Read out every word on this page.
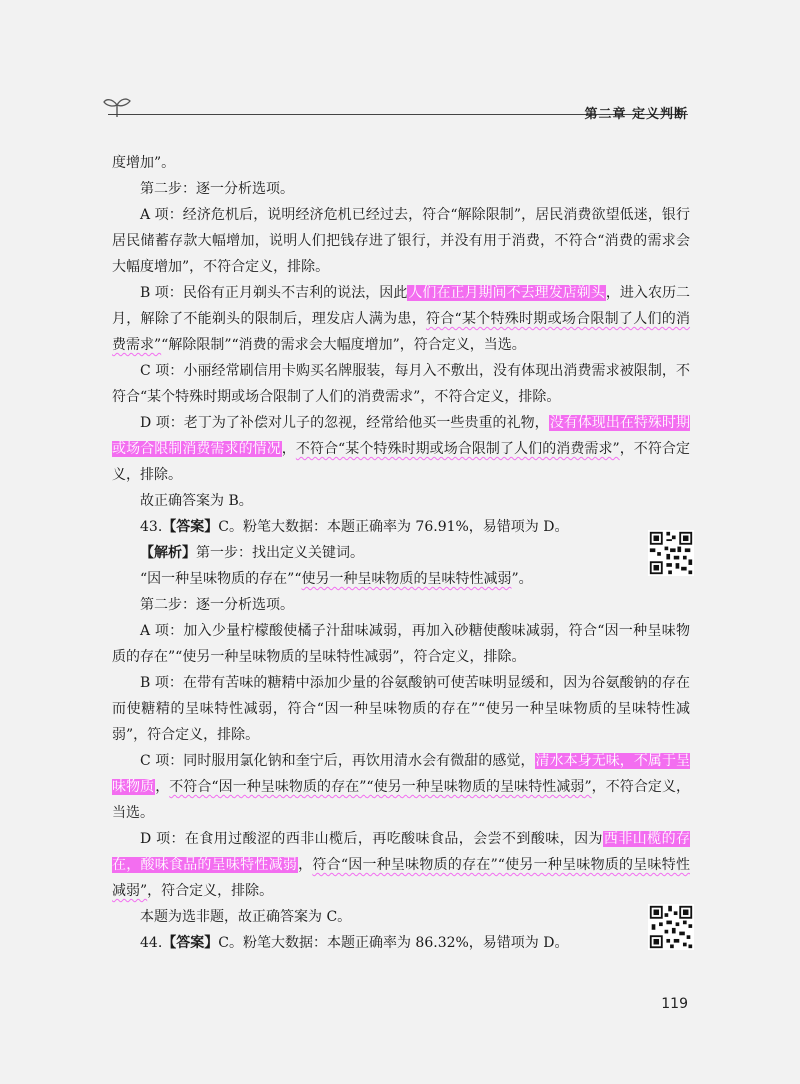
第二章 定义判断

度增加”。

第二步：逐一分析选项。

A 项：经济危机后，说明经济危机已经过去，符合“解除限制”，居民消费欲望低迷，银行居民储蓄存款大幅增加，说明人们把钱存进了银行，并没有用于消费，不符合“消费的需求会大幅度增加”，不符合定义，排除。

B 项：民俗有正月剃头不吉利的说法，因此人们在正月期间不去理发店剃头，进入农历二月，解除了不能剃头的限制后，理发店人满为患，符合“某个特殊时期或场合限制了人们的消费需求”“解除限制”“消费的需求会大幅度增加”，符合定义，当选。

C 项：小丽经常刷信用卡购买名牌服装，每月入不敷出，没有体现出消费需求被限制，不符合“某个特殊时期或场合限制了人们的消费需求”，不符合定义，排除。

D 项：老丁为了补偿对儿子的忽视，经常给他买一些贵重的礼物，没有体现出在特殊时期或场合限制消费需求的情况，不符合“某个特殊时期或场合限制了人们的消费需求”，不符合定义，排除。

故正确答案为 B。

43.【答案】C。粉笔大数据：本题正确率为 76.91%，易错项为 D。

【解析】第一步：找出定义关键词。

“因一种呈味物质的存在”“使另一种呈味物质的呈味特性减弱”。

第二步：逐一分析选项。

A 项：加入少量柠檬酸使橘子汁甜味减弱，再加入砂糖使酸味减弱，符合“因一种呈味物质的存在”“使另一种呈味物质的呈味特性减弱”，符合定义，排除。

B 项：在带有苦味的糖精中添加少量的谷氨酸钠可使苦味明显缓和，因为谷氨酸钠的存在而使糖精的呈味特性减弱，符合“因一种呈味物质的存在”“使另一种呈味物质的呈味特性减弱”，符合定义，排除。

C 项：同时服用氯化钠和奎宁后，再饮用清水会有微甜的感觉，清水本身无味，不属于呈味物质，不符合“因一种呈味物质的存在”“使另一种呈味物质的呈味特性减弱”，不符合定义，当选。

D 项：在食用过酸涩的西非山榄后，再吃酸味食品，会尝不到酸味，因为西非山榄的存在，酸味食品的呈味特性减弱，符合“因一种呈味物质的存在”“使另一种呈味物质的呈味特性减弱”，符合定义，排除。

本题为选非题，故正确答案为 C。

44.【答案】C。粉笔大数据：本题正确率为 86.32%，易错项为 D。

119
